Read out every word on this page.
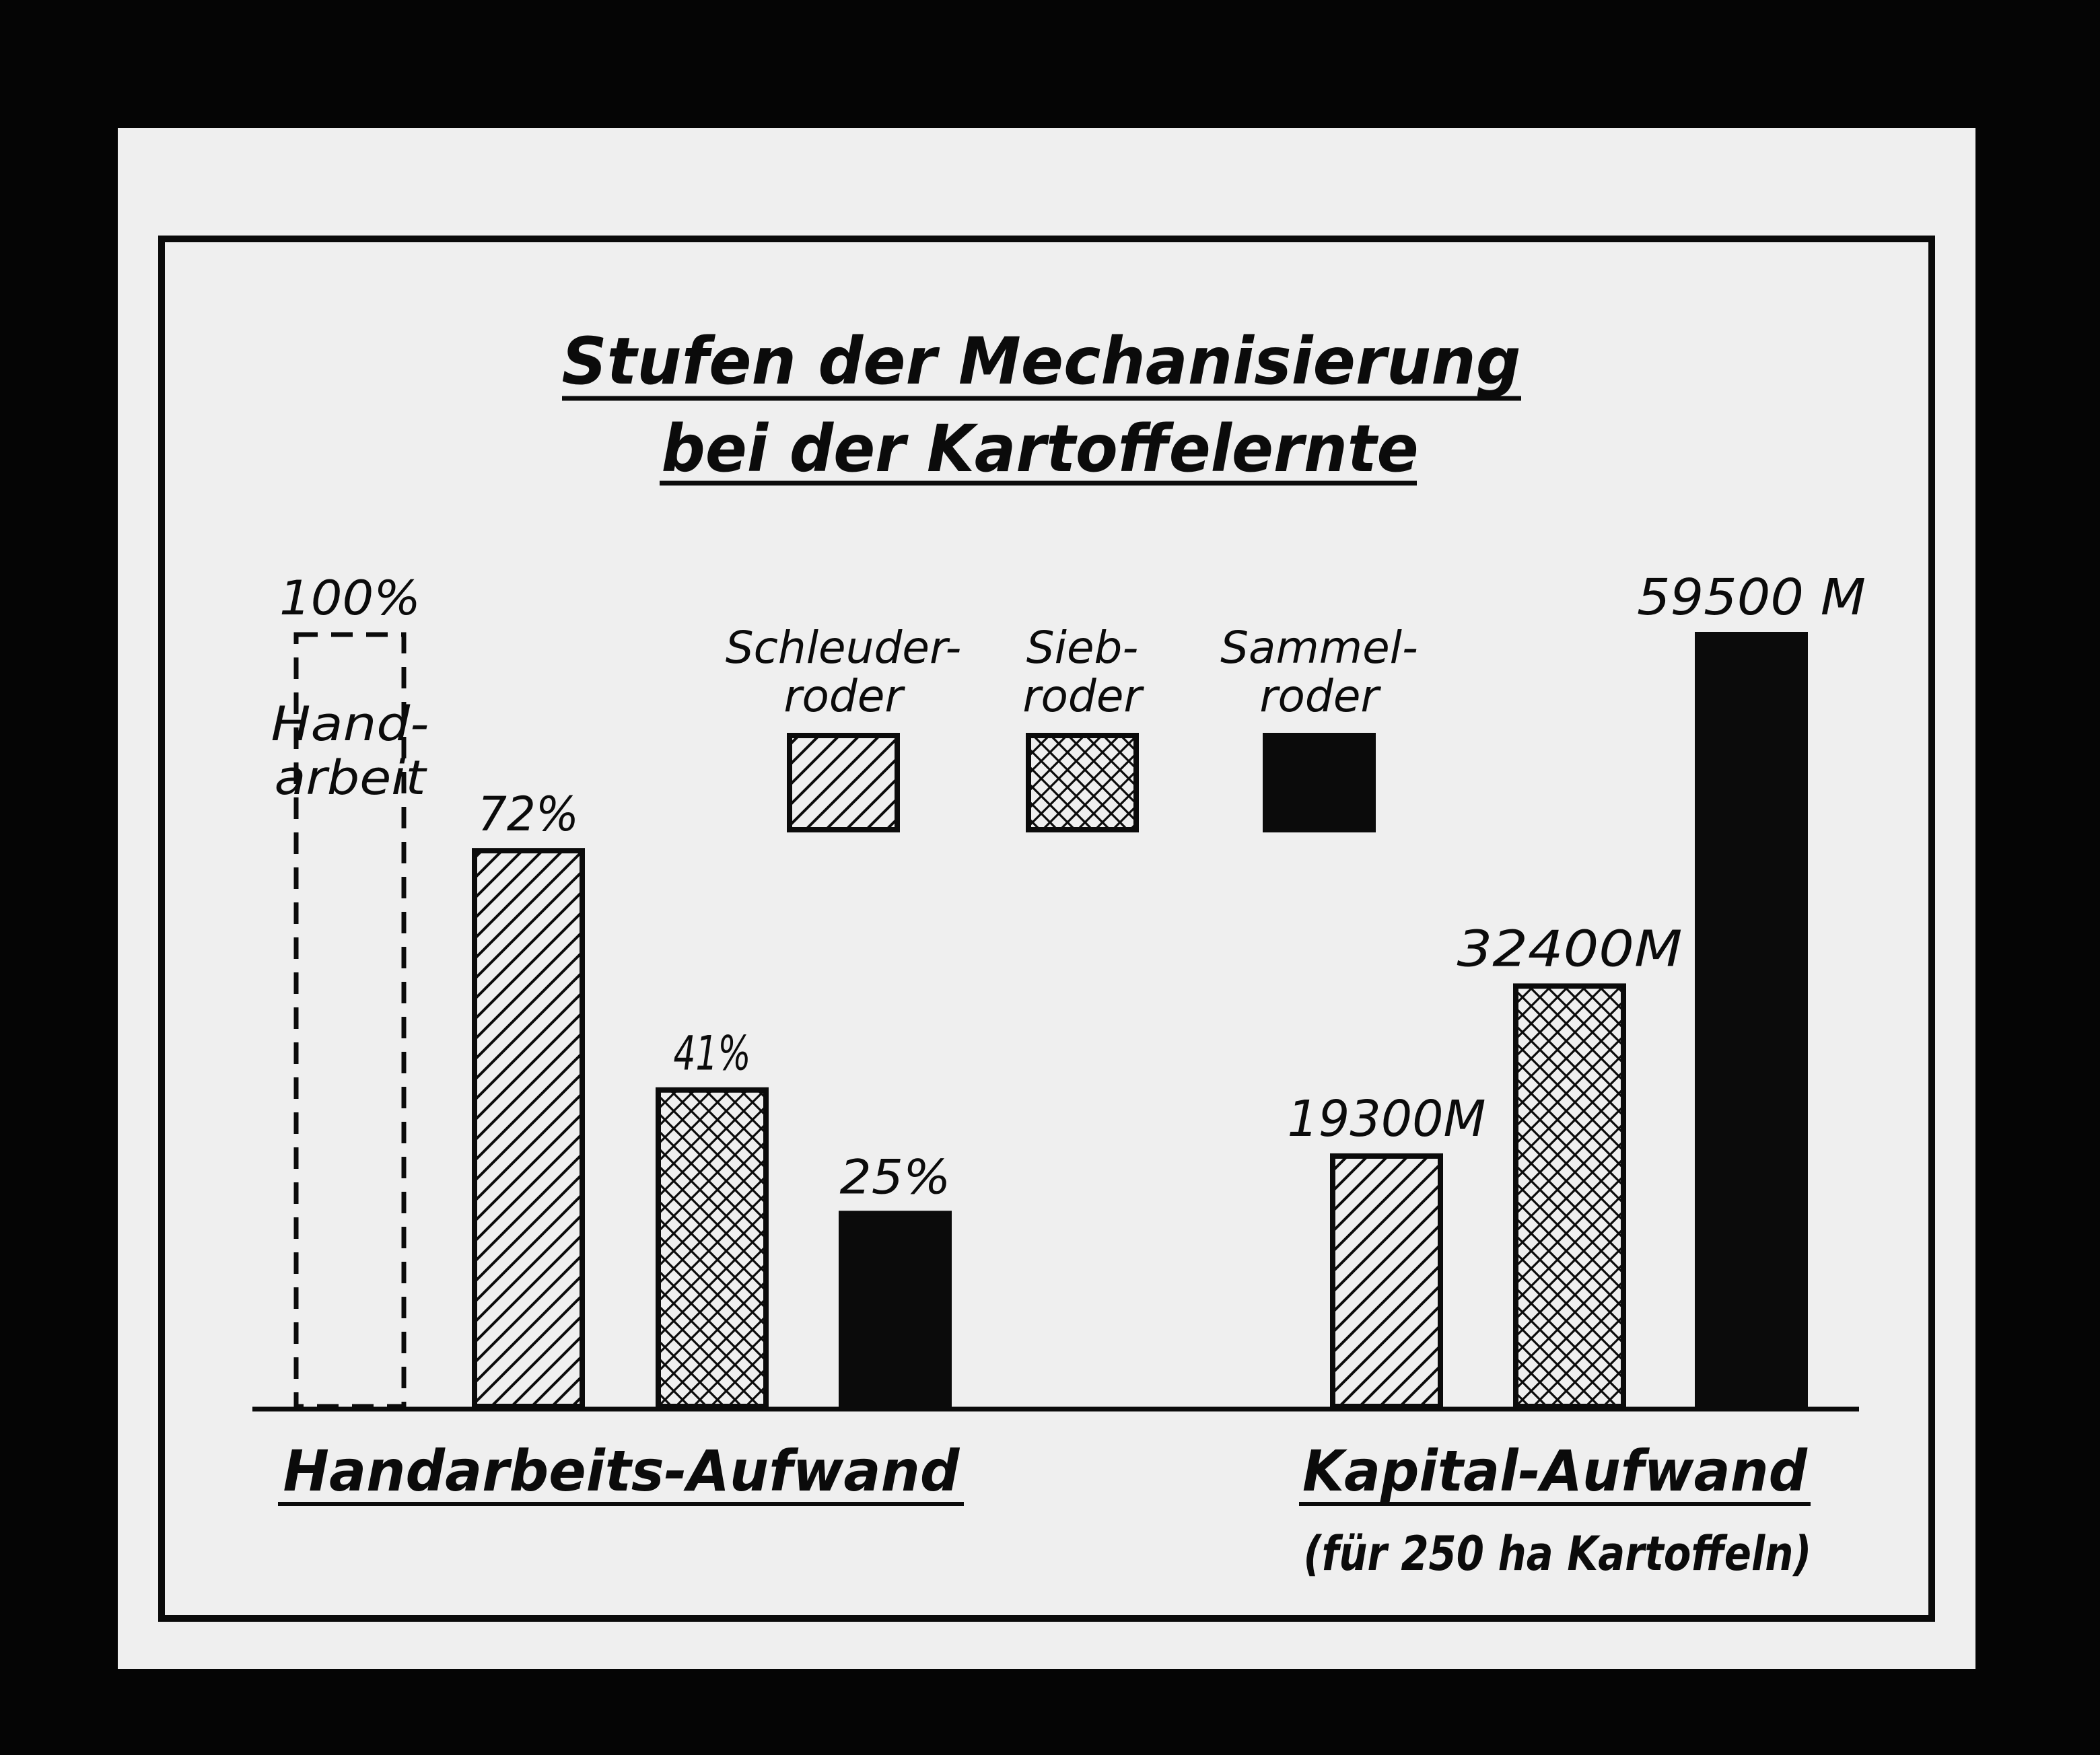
Stufen der Mechanisierung
bei der Kartoffelernte
Schleuder-
roder
Sieb-
roder
Sammel-
roder
Hand-
arbeit
100%
72%
41%
25%
19300M
32400M
59500 M
Handarbeits-Aufwand	Kapital-Aufwand
(für 250 ha Kartoffeln)
